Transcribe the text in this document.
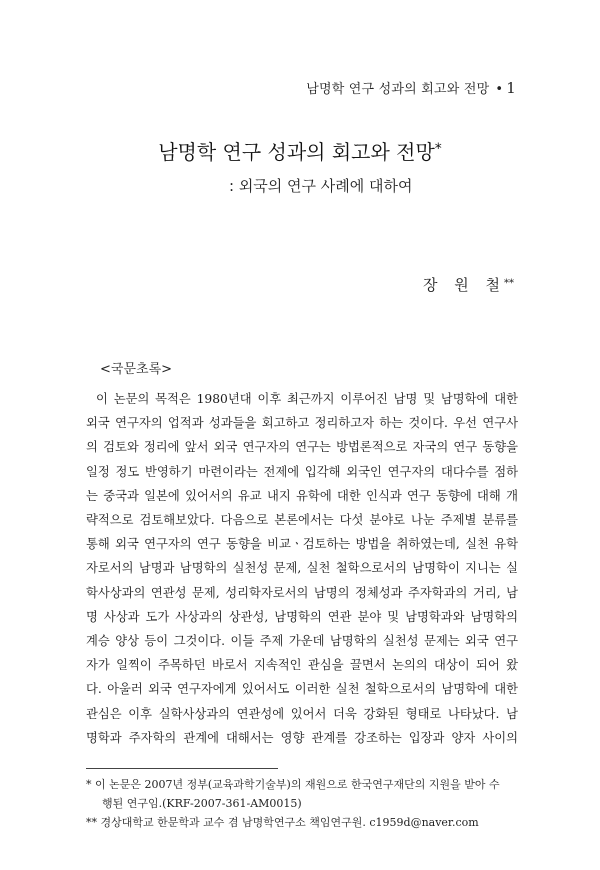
남명학 연구 성과의 회고와 전망 • 1
남명학 연구 성과의 회고와 전망*
: 외국의 연구 사례에 대하여
장 원 철**
<국문초록>
이 논문의 목적은 1980년대 이후 최근까지 이루어진 남명 및 남명학에 대한
외국 연구자의 업적과 성과들을 회고하고 정리하고자 하는 것이다. 우선 연구사
의 검토와 정리에 앞서 외국 연구자의 연구는 방법론적으로 자국의 연구 동향을
일정 정도 반영하기 마련이라는 전제에 입각해 외국인 연구자의 대다수를 점하
는 중국과 일본에 있어서의 유교 내지 유학에 대한 인식과 연구 동향에 대해 개
략적으로 검토해보았다. 다음으로 본론에서는 다섯 분야로 나눈 주제별 분류를
통해 외국 연구자의 연구 동향을 비교ㆍ검토하는 방법을 취하였는데, 실천 유학
자로서의 남명과 남명학의 실천성 문제, 실천 철학으로서의 남명학이 지니는 실
학사상과의 연관성 문제, 성리학자로서의 남명의 정체성과 주자학과의 거리, 남
명 사상과 도가 사상과의 상관성, 남명학의 연관 분야 및 남명학과와 남명학의
계승 양상 등이 그것이다. 이들 주제 가운데 남명학의 실천성 문제는 외국 연구
자가 일찍이 주목하던 바로서 지속적인 관심을 끌면서 논의의 대상이 되어 왔
다. 아울러 외국 연구자에게 있어서도 이러한 실천 철학으로서의 남명학에 대한
관심은 이후 실학사상과의 연관성에 있어서 더욱 강화된 형태로 나타났다. 남
명학과 주자학의 관계에 대해서는 영향 관계를 강조하는 입장과 양자 사이의
* 이 논문은 2007년 정부(교육과학기술부)의 재원으로 한국연구재단의 지원을 받아 수
행된 연구임.(KRF-2007-361-AM0015)
** 경상대학교 한문학과 교수 겸 남명학연구소 책임연구원. c1959d@naver.com
